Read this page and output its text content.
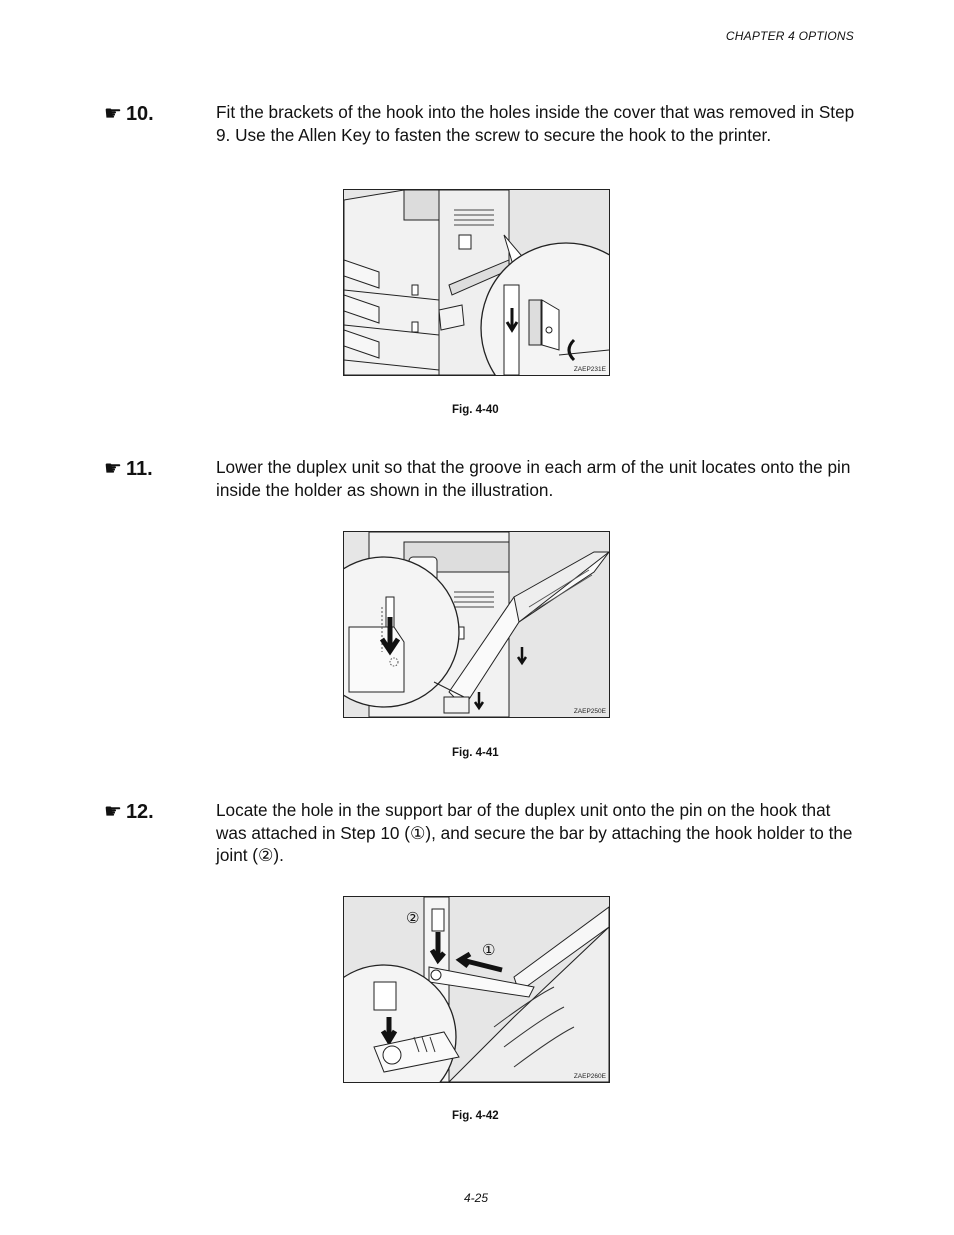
CHAPTER 4 OPTIONS
☛ 10.	Fit the brackets of the hook into the holes inside the cover that was removed in Step 9. Use the Allen Key to fasten the screw to secure the hook to the printer.
ZAEP231E
Fig. 4-40
☛ 11.	Lower the duplex unit so that the groove in each arm of the unit locates onto the pin inside the holder as shown in the illustration.
ZAEP250E
Fig. 4-41
☛ 12.	Locate the hole in the support bar of the duplex unit onto the pin on the hook that was attached in Step 10 (①), and secure the bar by attaching the hook holder to the joint (②).
②
①
ZAEP260E
Fig. 4-42
4-25
